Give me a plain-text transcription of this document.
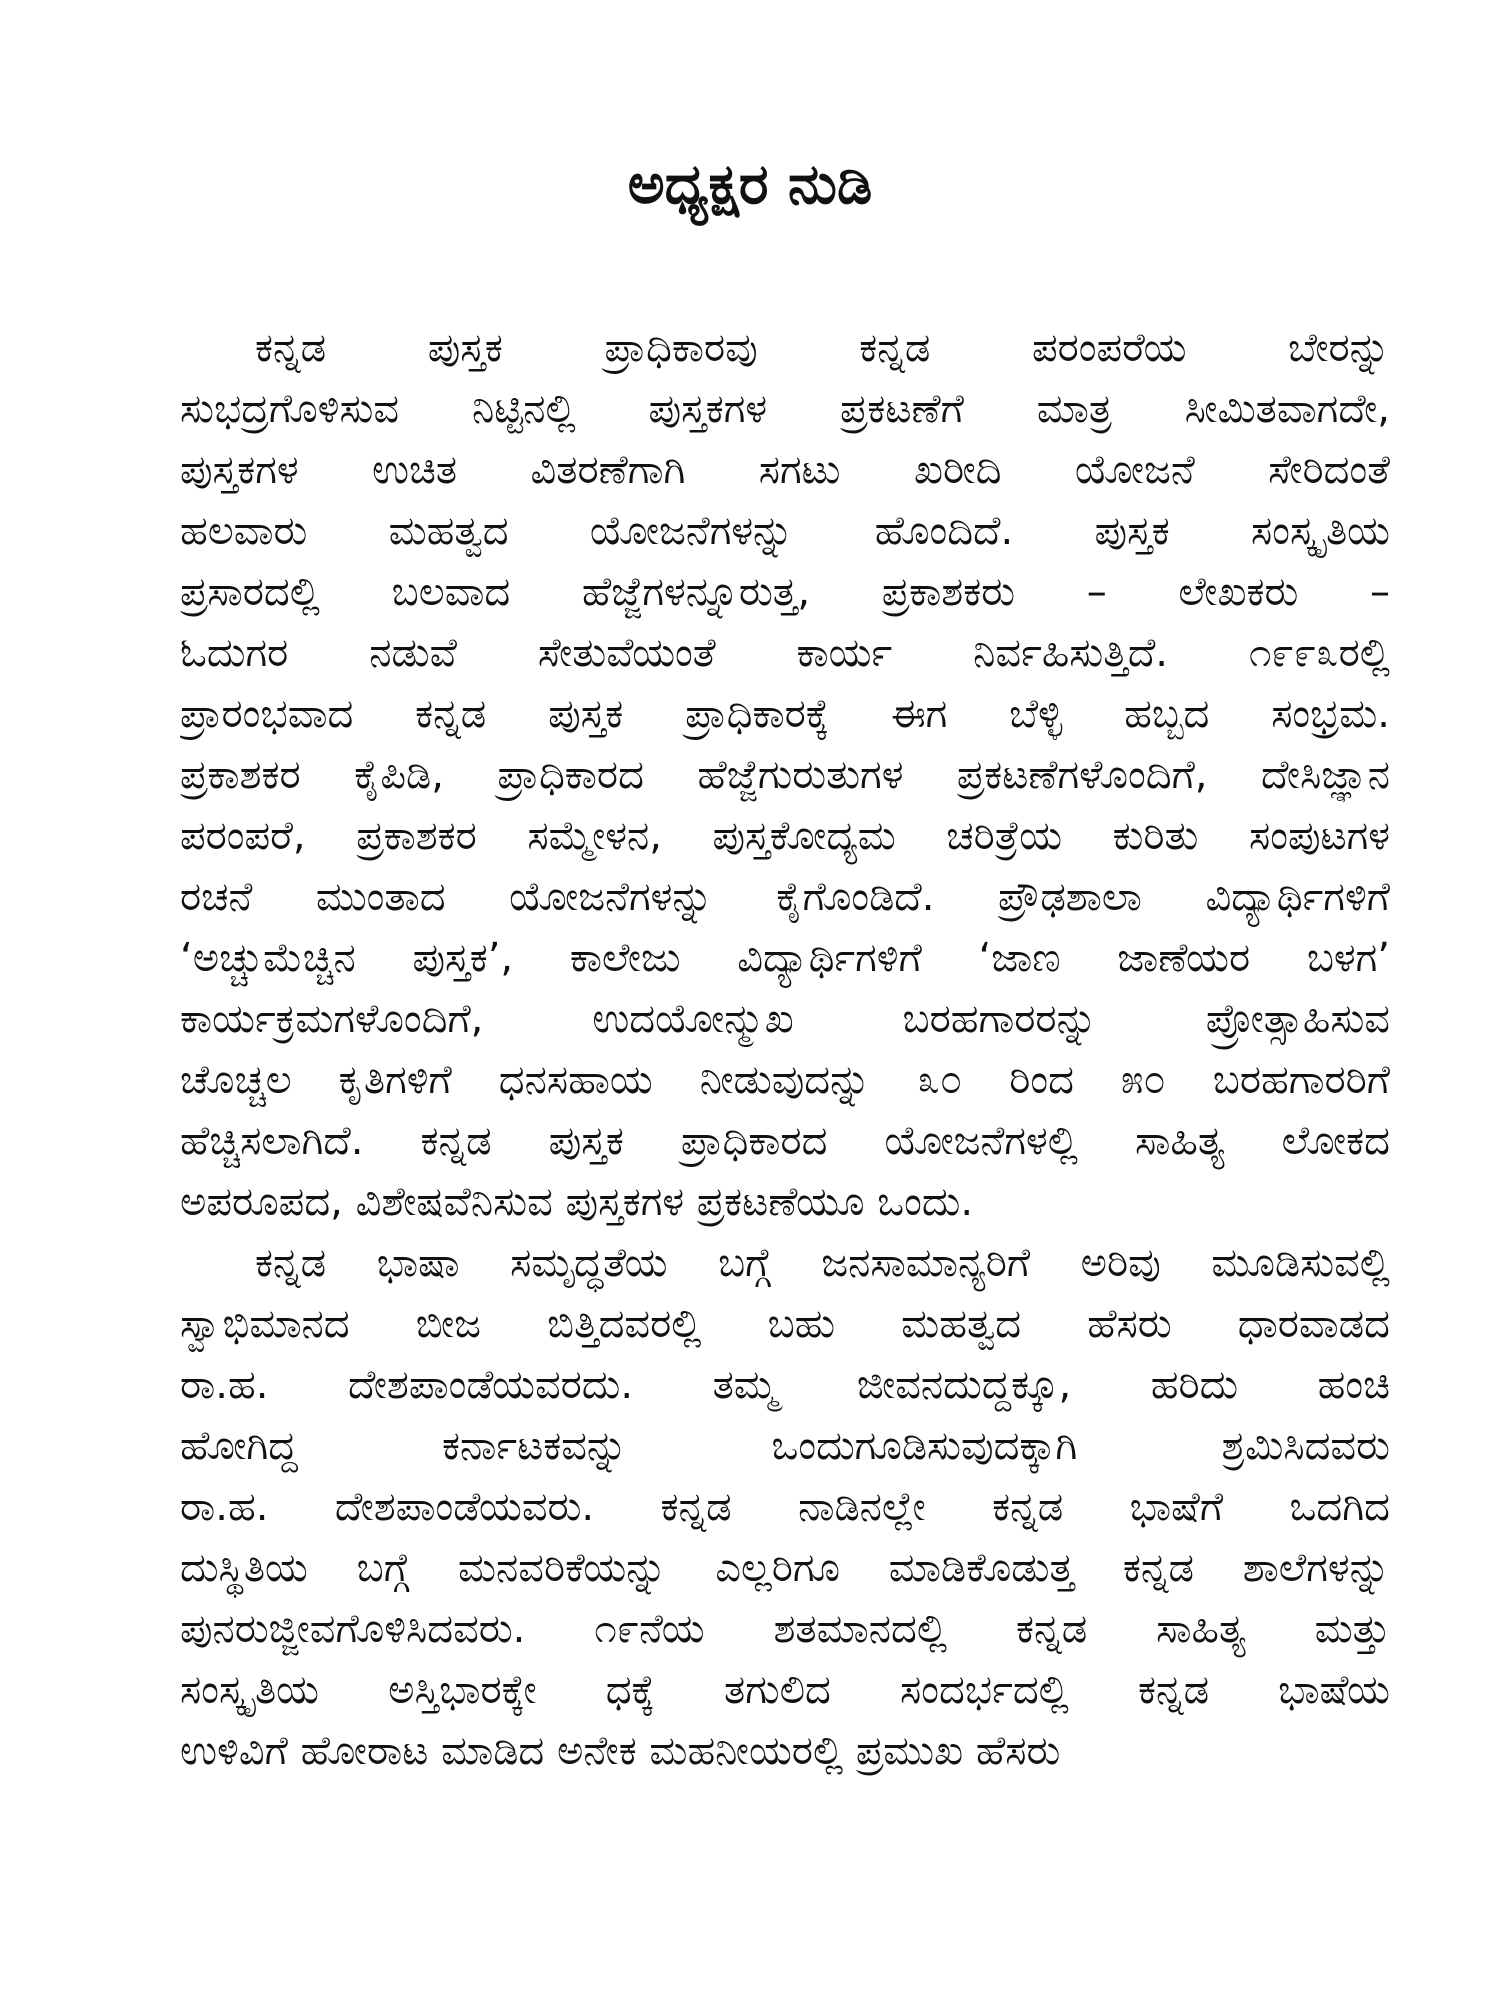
ಅಧ್ಯಕ್ಷರ ನುಡಿ
ಕನ್ನಡ ಪುಸ್ತಕ ಪ್ರಾಧಿಕಾರವು ಕನ್ನಡ ಪರಂಪರೆಯ ಬೇರನ್ನು
ಸುಭದ್ರಗೊಳಿಸುವ ನಿಟ್ಟಿನಲ್ಲಿ ಪುಸ್ತಕಗಳ ಪ್ರಕಟಣೆಗೆ ಮಾತ್ರ ಸೀಮಿತವಾಗದೇ,
ಪುಸ್ತಕಗಳ ಉಚಿತ ವಿತರಣೆಗಾಗಿ ಸಗಟು ಖರೀದಿ ಯೋಜನೆ ಸೇರಿದಂತೆ
ಹಲವಾರು ಮಹತ್ವದ ಯೋಜನೆಗಳನ್ನು ಹೊಂದಿದೆ. ಪುಸ್ತಕ ಸಂಸ್ಕೃತಿಯ
ಪ್ರಸಾರದಲ್ಲಿ ಬಲವಾದ ಹೆಜ್ಜೆಗಳನ್ನೂರುತ್ತ, ಪ್ರಕಾಶಕರು – ಲೇಖಕರು –
ಓದುಗರ ನಡುವೆ ಸೇತುವೆಯಂತೆ ಕಾರ್ಯ ನಿರ್ವಹಿಸುತ್ತಿದೆ. ೧೯೯೩ರಲ್ಲಿ
ಪ್ರಾರಂಭವಾದ ಕನ್ನಡ ಪುಸ್ತಕ ಪ್ರಾಧಿಕಾರಕ್ಕೆ ಈಗ ಬೆಳ್ಳಿ ಹಬ್ಬದ ಸಂಭ್ರಮ.
ಪ್ರಕಾಶಕರ ಕೈಪಿಡಿ, ಪ್ರಾಧಿಕಾರದ ಹೆಜ್ಜೆಗುರುತುಗಳ ಪ್ರಕಟಣೆಗಳೊಂದಿಗೆ, ದೇಸಿಜ್ಞಾನ
ಪರಂಪರೆ, ಪ್ರಕಾಶಕರ ಸಮ್ಮೇಳನ, ಪುಸ್ತಕೋದ್ಯಮ ಚರಿತ್ರೆಯ ಕುರಿತು ಸಂಪುಟಗಳ
ರಚನೆ ಮುಂತಾದ ಯೋಜನೆಗಳನ್ನು ಕೈಗೊಂಡಿದೆ. ಪ್ರೌಢಶಾಲಾ ವಿದ್ಯಾರ್ಥಿಗಳಿಗೆ
‘ಅಚ್ಚುಮೆಚ್ಚಿನ ಪುಸ್ತಕ’, ಕಾಲೇಜು ವಿದ್ಯಾರ್ಥಿಗಳಿಗೆ ‘ಜಾಣ ಜಾಣೆಯರ ಬಳಗ’
ಕಾರ್ಯಕ್ರಮಗಳೊಂದಿಗೆ, ಉದಯೋನ್ಮುಖ ಬರಹಗಾರರನ್ನು ಪ್ರೋತ್ಸಾಹಿಸುವ
ಚೊಚ್ಚಲ ಕೃತಿಗಳಿಗೆ ಧನಸಹಾಯ ನೀಡುವುದನ್ನು ೩೦ ರಿಂದ ೫೦ ಬರಹಗಾರರಿಗೆ
ಹೆಚ್ಚಿಸಲಾಗಿದೆ. ಕನ್ನಡ ಪುಸ್ತಕ ಪ್ರಾಧಿಕಾರದ ಯೋಜನೆಗಳಲ್ಲಿ ಸಾಹಿತ್ಯ ಲೋಕದ
ಅಪರೂಪದ, ವಿಶೇಷವೆನಿಸುವ ಪುಸ್ತಕಗಳ ಪ್ರಕಟಣೆಯೂ ಒಂದು.
ಕನ್ನಡ ಭಾಷಾ ಸಮೃದ್ಧತೆಯ ಬಗ್ಗೆ ಜನಸಾಮಾನ್ಯರಿಗೆ ಅರಿವು ಮೂಡಿಸುವಲ್ಲಿ
ಸ್ವಾಭಿಮಾನದ ಬೀಜ ಬಿತ್ತಿದವರಲ್ಲಿ ಬಹು ಮಹತ್ವದ ಹೆಸರು ಧಾರವಾಡದ
ರಾ.ಹ. ದೇಶಪಾಂಡೆಯವರದು. ತಮ್ಮ ಜೀವನದುದ್ದಕ್ಕೂ, ಹರಿದು ಹಂಚಿ
ಹೋಗಿದ್ದ ಕರ್ನಾಟಕವನ್ನು ಒಂದುಗೂಡಿಸುವುದಕ್ಕಾಗಿ ಶ್ರಮಿಸಿದವರು
ರಾ.ಹ. ದೇಶಪಾಂಡೆಯವರು. ಕನ್ನಡ ನಾಡಿನಲ್ಲೇ ಕನ್ನಡ ಭಾಷೆಗೆ ಒದಗಿದ
ದುಸ್ಥಿತಿಯ ಬಗ್ಗೆ ಮನವರಿಕೆಯನ್ನು ಎಲ್ಲರಿಗೂ ಮಾಡಿಕೊಡುತ್ತ ಕನ್ನಡ ಶಾಲೆಗಳನ್ನು
ಪುನರುಜ್ಜೀವಗೊಳಿಸಿದವರು. ೧೯ನೆಯ ಶತಮಾನದಲ್ಲಿ ಕನ್ನಡ ಸಾಹಿತ್ಯ ಮತ್ತು
ಸಂಸ್ಕೃತಿಯ ಅಸ್ತಿಭಾರಕ್ಕೇ ಧಕ್ಕೆ ತಗುಲಿದ ಸಂದರ್ಭದಲ್ಲಿ ಕನ್ನಡ ಭಾಷೆಯ
ಉಳಿವಿಗೆ ಹೋರಾಟ ಮಾಡಿದ ಅನೇಕ ಮಹನೀಯರಲ್ಲಿ ಪ್ರಮುಖ ಹೆಸರು
